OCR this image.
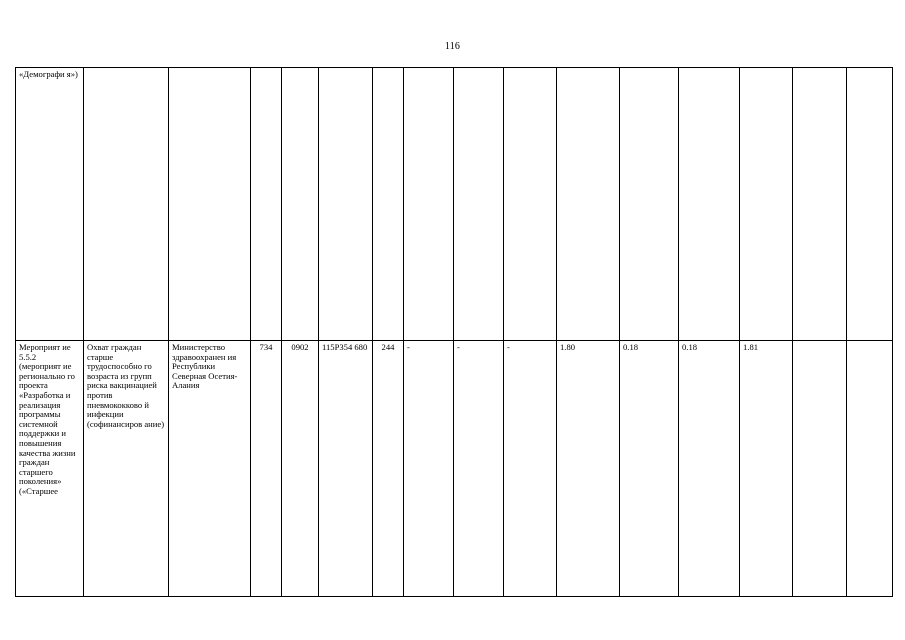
116
«Демографи я»)															
Мероприят ие 5.5.2 (мероприят ие регионально го проекта «Разработка и реализация программы системной поддержки и повышения качества жизни граждан старшего поколения» («Старшее	Охват граждан старше трудоспособно го возраста из групп риска вакцинацией против пневмококково й инфекции (софинансиров ание)	Министерство здравоохранен ия Республики Северная Осетия-Алания	734	0902	115P354 680	244	-	-	-	1.80	0.18	0.18	1.81		
